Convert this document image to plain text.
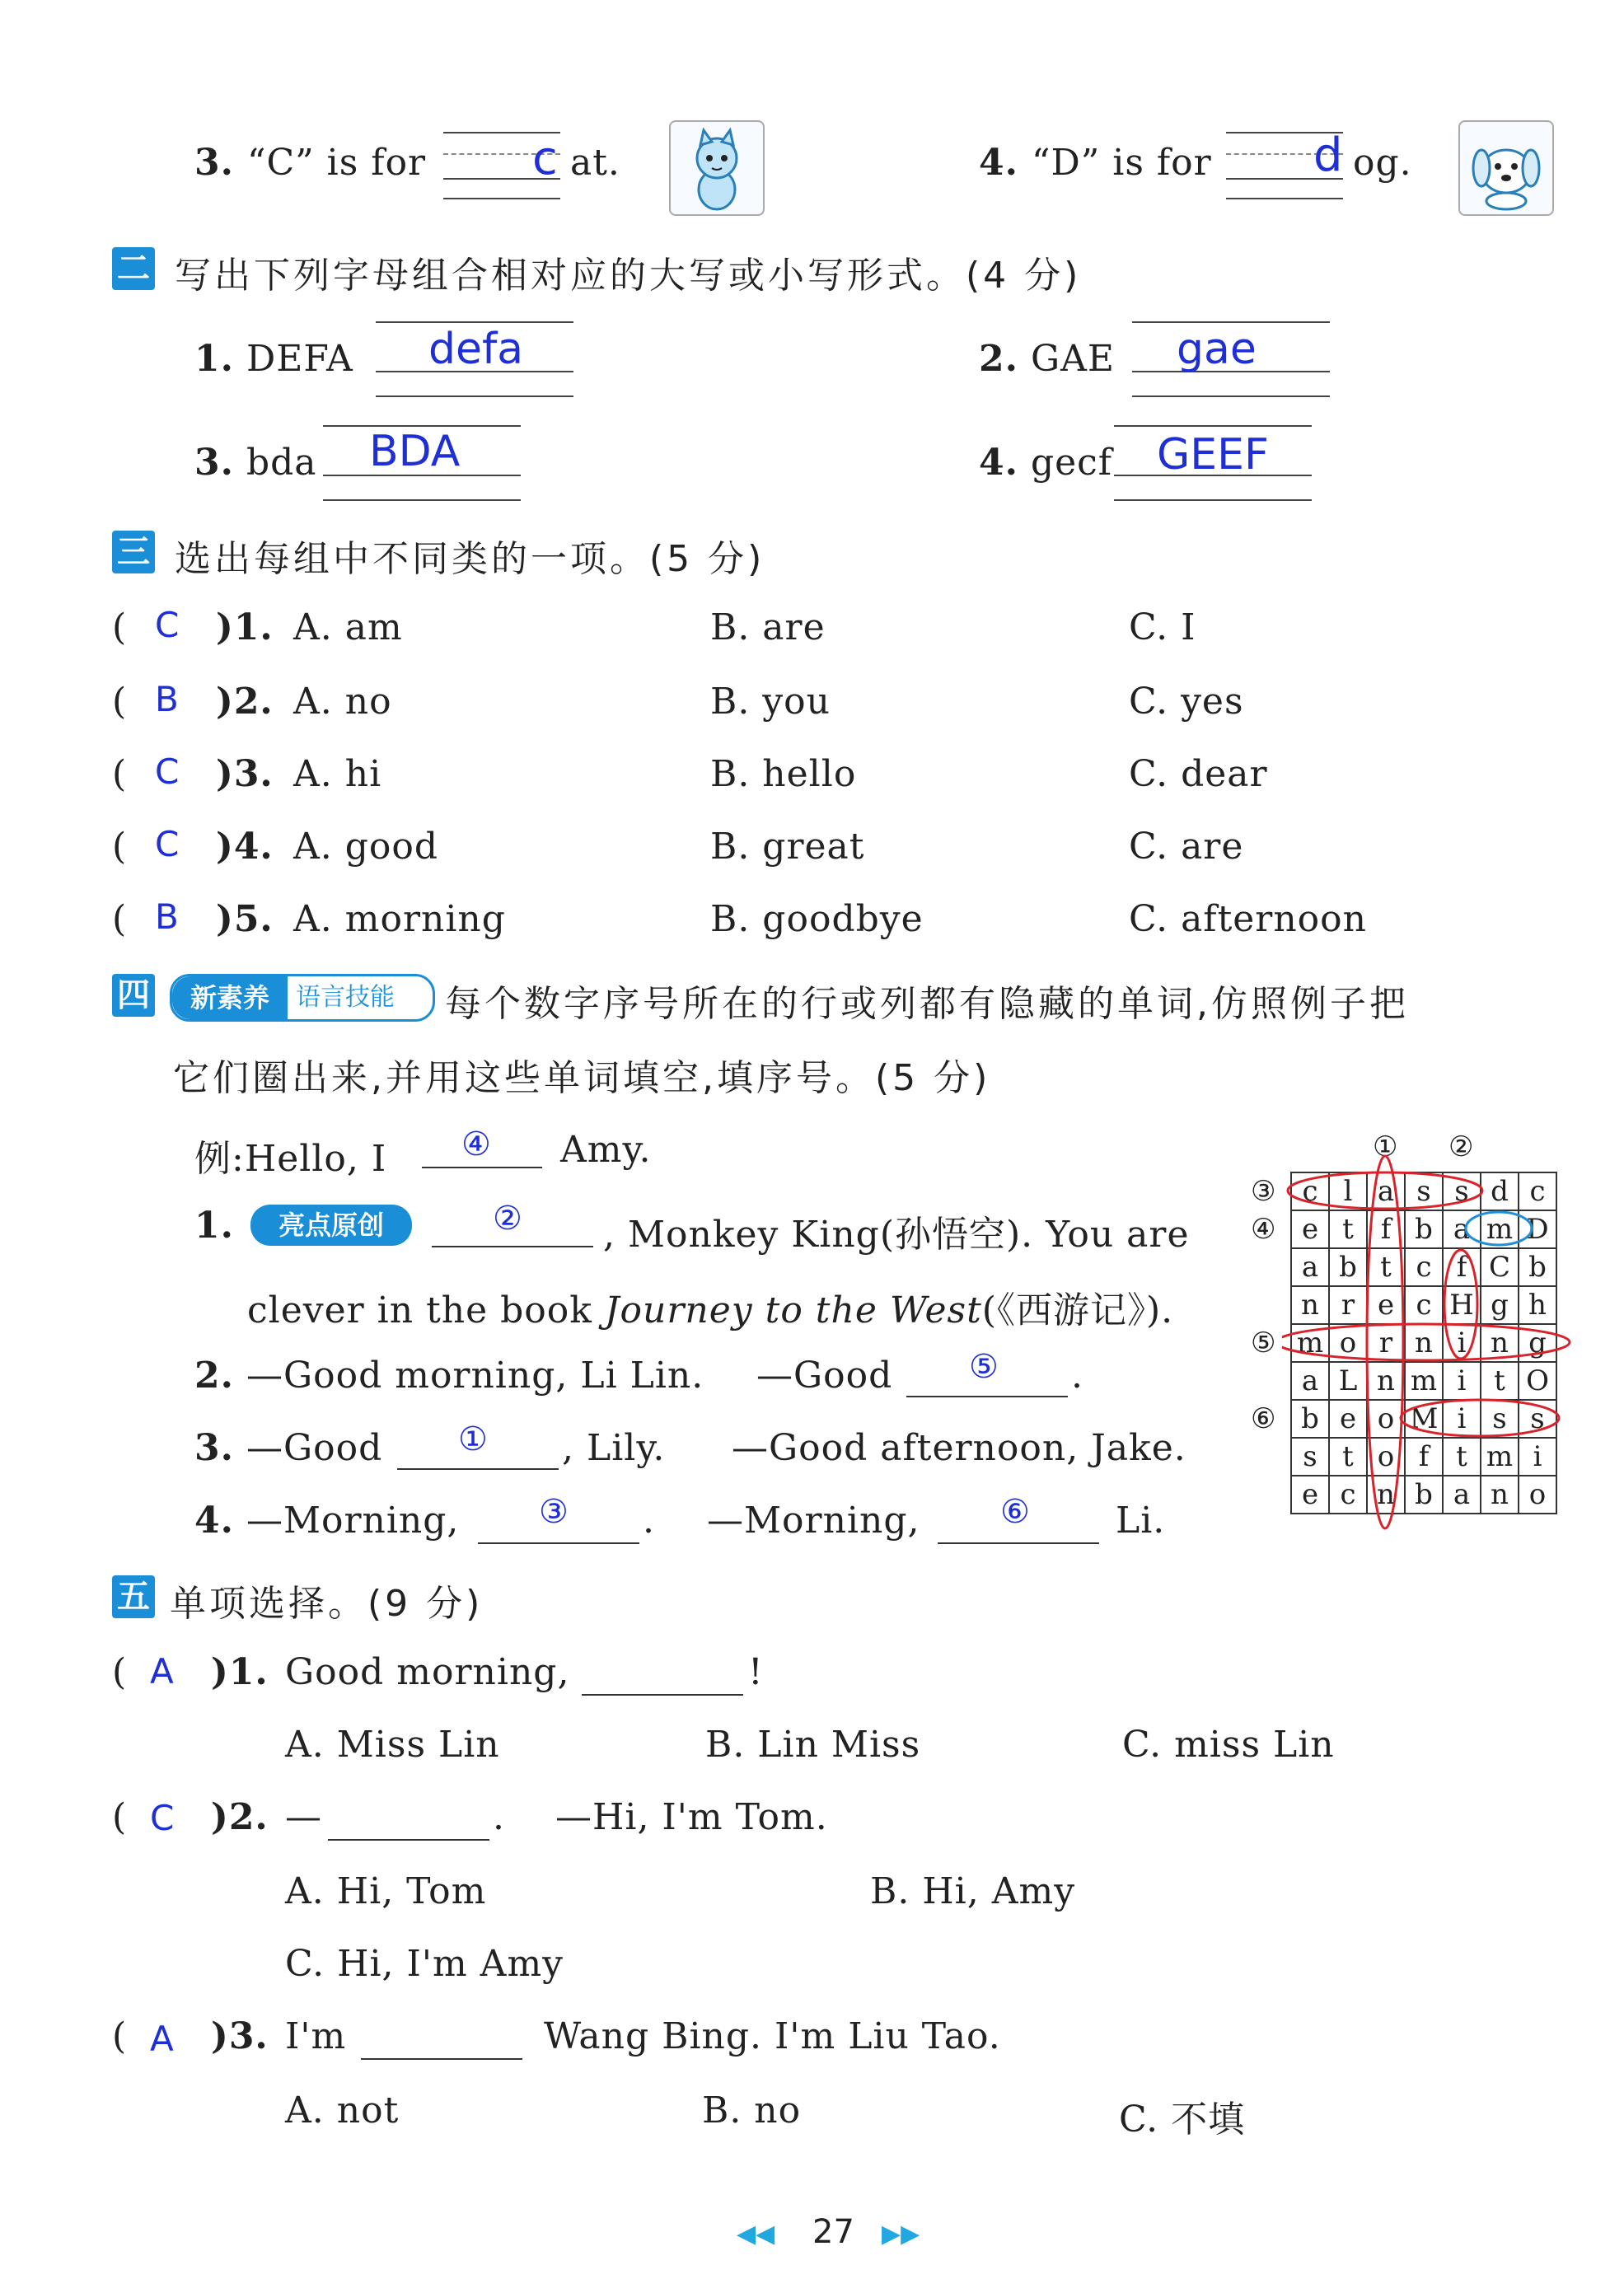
3. “C” is for c at.	4. “D” is for d og.
二 写出下列字母组合相对应的大写或小写形式。(4 分)
1. DEFA defa	2. GAE gae
3. bda BDA	4. gecf GEEF
三 选出每组中不同类的一项。(5 分)
( C )1. A. am	B. are	C. I
( B )2. A. no	B. you	C. yes
( C )3. A. hi	B. hello	C. dear
( C )4. A. good	B. great	C. are
( B )5. A. morning	B. goodbye	C. afternoon
四	新素养	语言技能 每个数字序号所在的行或列都有隐藏的单词,仿照例子把
它们圈出来,并用这些单词填空,填序号。(5 分)
例:Hello, I ④ Amy.
1.	亮点原创	② , Monkey King(孙悟空). You are
clever in the book Journey to the West(《西游记》).
2. —Good morning, Li Lin. —Good ⑤ .
3. —Good ① , Lily. —Good afternoon, Jake.
4. —Morning, ③ . —Morning, ⑥ Li.
① ②
③
④
⑤
⑥
c	l	a	s	s	d	c
e	t	f	b	a	m	D
a	b	t	c	f	C	b
n	r	e	c	H	g	h
m	o	r	n	i	n	g
a	L	n	m	i	t	O
b	e	o	M	i	s	s
s	t	o	f	t	m	i
e	c	n	b	a	n	o
五 单项选择。(9 分)
( A )1. Good morning,	!
A. Miss Lin	B. Lin Miss	C. miss Lin
( C )2. —	. —Hi, I'm Tom.
A. Hi, Tom	B. Hi, Amy
C. Hi, I'm Amy
( A )3. I'm	Wang Bing. I'm Liu Tao.
A. not	B. no	C. 不填
◀◀ 27 ▶▶
